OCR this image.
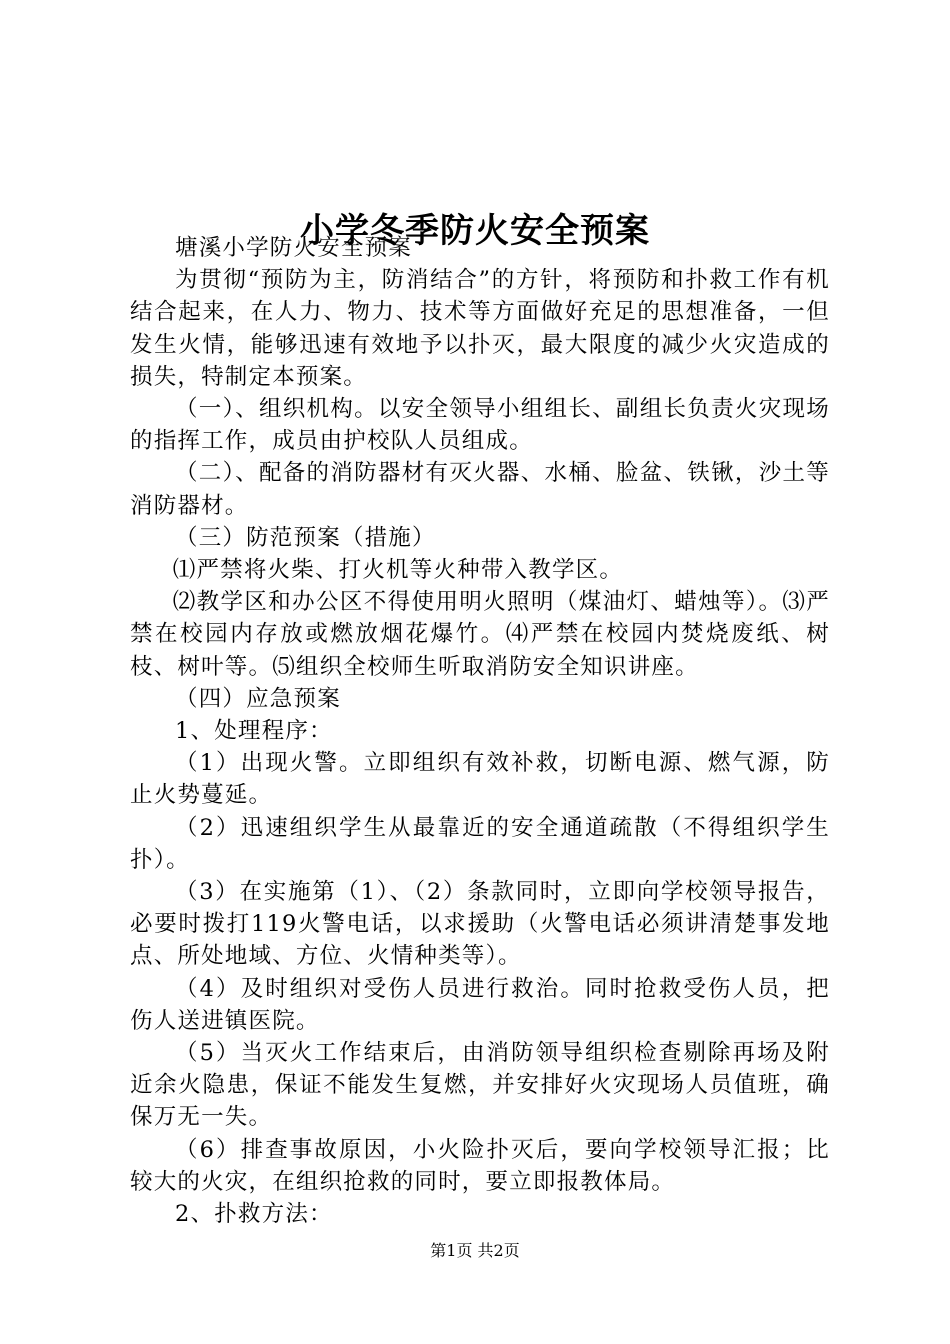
小学冬季防火安全预案

塘溪小学防火安全预案

为贯彻“预防为主，防消结合”的方针，将预防和扑救工作有机结合起来，在人力、物力、技术等方面做好充足的思想准备，一但发生火情，能够迅速有效地予以扑灭，最大限度的减少火灾造成的损失，特制定本预案。

（一）、组织机构。以安全领导小组组长、副组长负责火灾现场的指挥工作，成员由护校队人员组成。

（二）、配备的消防器材有灭火器、水桶、脸盆、铁锹，沙土等消防器材。

（三）防范预案（措施）

⑴严禁将火柴、打火机等火种带入教学区。

⑵教学区和办公区不得使用明火照明（煤油灯、蜡烛等）。⑶严禁在校园内存放或燃放烟花爆竹。⑷严禁在校园内焚烧废纸、树枝、树叶等。⑸组织全校师生听取消防安全知识讲座。

（四）应急预案

1、处理程序：

（1）出现火警。立即组织有效补救，切断电源、燃气源，防止火势蔓延。

（2）迅速组织学生从最靠近的安全通道疏散（不得组织学生扑）。

（3）在实施第（1）、（2）条款同时，立即向学校领导报告，必要时拨打119火警电话，以求援助（火警电话必须讲清楚事发地点、所处地域、方位、火情种类等）。

（4）及时组织对受伤人员进行救治。同时抢救受伤人员，把伤人送进镇医院。

（5）当灭火工作结束后，由消防领导组织检查剔除再场及附近余火隐患，保证不能发生复燃，并安排好火灾现场人员值班，确保万无一失。

（6）排查事故原因，小火险扑灭后，要向学校领导汇报；比较大的火灾，在组织抢救的同时，要立即报教体局。

2、扑救方法：

第1页 共2页
